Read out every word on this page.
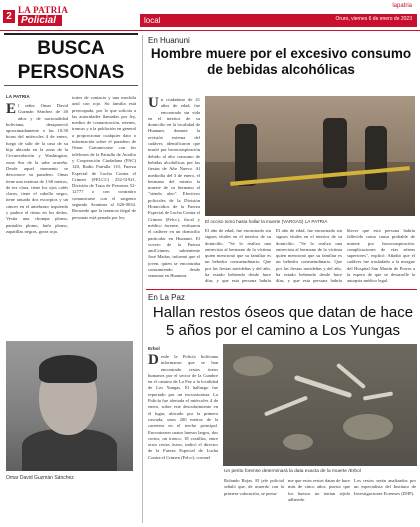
2
LA PATRIA
Policial	local
lapatria
Oruro, viernes 6 de enero de 2023
BUSCA PERSONAS
LA PATRIA
El señor Omar David Guzmán Sánchez de 40 años y de nacionalidad boliviana, desapareció aproximadamente a las 10:30 horas del miércoles 4 de enero, luego de salir de la casa de su hija ubicada en la zona de la Circunvalación y Washington, zona Sur de la urbe orureña. Desde aquel momento se desconoce su paradero. Omar tiene una estatura de 1.60 metros, de tez clara, tiene los ojos cafés claros, tiene el cabello negro, tiene tatuado dos escorpios y un cáncer en el antebrazo izquierdo y padece el ritmo en los dedos. Vestía una chompa plomo, pantalón plomo, bufo plomo, zapatillas negras, gorra roja.
tories de contacto y una mochila azul con rojo. Su familia está preocupada, por lo que solicita a las autoridades llamadas por ley, medios de comunicación, retenes, trancas y a la población en general a proporcionar cualquier dato o información sobre el paradero de Omar. Comunicarse con los teléfonos de la Patrulla de Auxilio y Cooperación Ciudadana (PAC) 120, Radio Patrulla 110, Fuerza Especial de Lucha Contra el Crimen (FELCC) 252-51921, División de Trata de Personas 52-12777 o con contratiro comunicarse con el sargento segundo Avanima al 626-0034. Recuerde que la tenencia ilegal de personas está penada por ley.
Omar David Guzmán Sánchez
En Huanuni
Hombre muere por el excesivo consumo de bebidas alcohólicas
Un ciudadano de 41 años de edad, fue encontrado sin vida en el interior de su domicilio en la localidad de Huanuni, durante la revisión externa del cadáver, identificaron que murió por broncoaspiración debido al alto consumo de bebidas alcohólicas por las fiestas de Año Nuevo. Al mediodía del 3 de enero, el hermano del mismo la muerte de su hermano al "siendo aleo". Efectivos policiales de la División Homicidios de la Fuerza Especial de Lucha Contra el Crimen (Felcc), fiscal y médico forense, evaluaron el cadáver en un domicilio particular en Huanuni. El vocero de la Fuerza antiCrimen, subteniente José Matías, informó que el joven, quien se encontraba consumiendo desde semanas en Huanuni.
El occiso tomó hasta hallar la muerte (VARGAS) LA PATRIA
El año de edad, fue encontrado sin signos vitales en el interior de su domicilio. "Se lo realiza una entrevista al hermano de la víctima quien mencionó que su familiar es un bebedor consuetudinario. Que por las fiestas navideñas y del año, ha estado bebiendo desde hace días, y que esta persona habría
El año de edad, fue encontrado sin signos vitales en el interior de su domicilio. "Se lo realiza una entrevista al hermano de la víctima quien mencionó que su familiar es un bebedor consuetudinario. Que por las fiestas navideñas y del año, ha estado bebiendo desde hace días, y que esta persona habría
blecer que esta persona habría fallecido como causa probable de muerte por broncoaspiración, complicaciones de vías aéreas superiores", explicó. Añadió que el cadáver fue trasladado a la morgue del Hospital San Martín de Porres a la espera de que se desarrolle la autopsia médico legal.
En La Paz
Hallan restos óseos que datan de hace 5 años por el camino a Los Yungas
Erbol
Desde la Policía boliviana informaron que se han encontrado restos óseos humanos por el sector de la Cumbre en el camino de La Paz a la localidad de Los Yungas. El hallazgo fue reportado por un excursionista. La Policía fue alertada el miércoles 4 de enero, sobre este descubrimiento en el lugar, ubicado por la primera cascada, unos 200 metros de la carretera en el trecho principal. Encontraron cuatro huesos largos, dos cortos, un tronco, 18 costillas, entre otros restos óseos, indicó el director de la Fuerza Especial de Lucha Contra el Crimen (Felcc), coronel
Un perito forense determinará la data exacta de la muerte /Erbol
Rolando Rojas. El jefe policial señaló que, de acuerdo con la primera valoración, se presu-
me que estos restos datan de hace más de cinco años, puesto que los huesos no tenían tejido adherido.
Los restos serán analizados por un especialista del Instituto de Investigaciones Forenses (IDIF).
